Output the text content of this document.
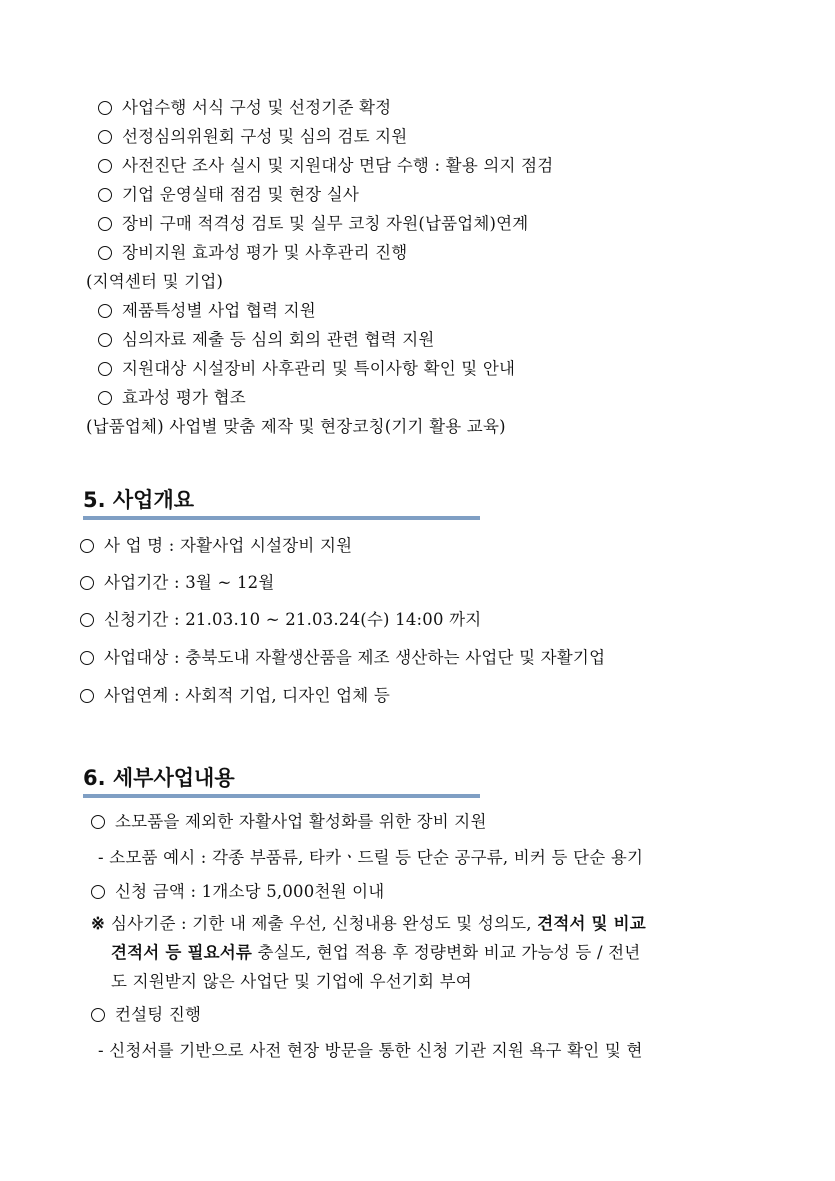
사업수행 서식 구성 및 선정기준 확정
선정심의위원회 구성 및 심의 검토 지원
사전진단 조사 실시 및 지원대상 면담 수행 : 활용 의지 점검
기업 운영실태 점검 및 현장 실사
장비 구매 적격성 검토 및 실무 코칭 자원(납품업체)연계
장비지원 효과성 평가 및 사후관리 진행
(지역센터 및 기업)
제품특성별 사업 협력 지원
심의자료 제출 등 심의 회의 관련 협력 지원
지원대상 시설장비 사후관리 및 특이사항 확인 및 안내
효과성 평가 협조
(납품업체) 사업별 맞춤 제작 및 현장코칭(기기 활용 교육)
5. 사업개요
사 업 명 : 자활사업 시설장비 지원
사업기간 : 3월 ~ 12월
신청기간 : 21.03.10 ~ 21.03.24(수) 14:00 까지
사업대상 : 충북도내 자활생산품을 제조 생산하는 사업단 및 자활기업
사업연계 : 사회적 기업, 디자인 업체 등
6. 세부사업내용
소모품을 제외한 자활사업 활성화를 위한 장비 지원
- 소모품 예시 : 각종 부품류, 타카ㆍ드릴 등 단순 공구류, 비커 등 단순 용기
신청 금액 : 1개소당 5,000천원 이내
※ 심사기준 : 기한 내 제출 우선, 신청내용 완성도 및 성의도, 견적서 및 비교
견적서 등 필요서류 충실도, 현업 적용 후 정량변화 비교 가능성 등 / 전년
도 지원받지 않은 사업단 및 기업에 우선기회 부여
컨설팅 진행
- 신청서를 기반으로 사전 현장 방문을 통한 신청 기관 지원 욕구 확인 및 현
